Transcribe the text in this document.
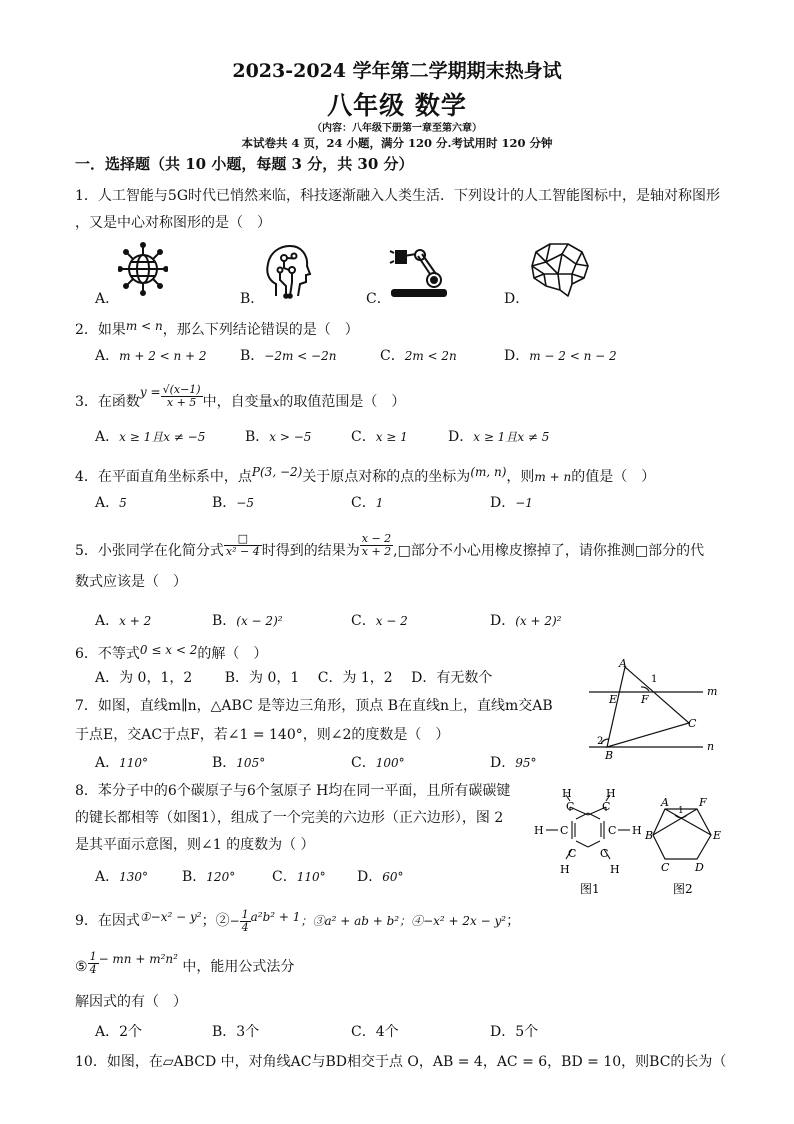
2023-2024 学年第二学期期末热身试
八年级 数学
（内容：八年级下册第一章至第六章）
本试卷共 4 页，24 小题，满分 120 分.考试用时 120 分钟
一．选择题（共 10 小题，每题 3 分，共 30 分）
1．人工智能与5G时代已悄然来临，科技逐渐融入人类生活．下列设计的人工智能图标中，是轴对称图形
，又是中心对称图形的是（　）
A．	B．	C．	D．
2．如果m < n，那么下列结论错误的是（　）
A．m + 2 < n + 2 B．−2m < −2n	C．2m < 2n	D．m − 2 < n − 2
3．在函数$y = \frac{√(x-1)}{x + 5}$ 中，自变量x的取值范围是（　）
A．x ≥ 1且x ≠ −5	B．x > −5	C．x ≥ 1	D．x ≥ 1且x ≠ 5
4．在平面直角坐标系中，点P(3, −2)关于原点对称的点的坐标为(m, n)，则m + n的值是（　）
A．5	B．−5	C．1	D．−1
5．小张同学在化简分式 $\frac{□}{\text{x² − 4}}$ 时得到的结果为 $\frac{x - 2}{x + 2}$ ,□部分不小心用橡皮擦掉了，请你推测□部分的代
数式应该是（　）
A．x + 2	B．(x − 2)²	C．x − 2	D．(x + 2)²
6．不等式0 ≤ x < 2的解（　）
A．为 0，1，2　　 B．为 0，1　 C．为 1，2　 D．有无数个
7．如图，直线m∥n，△ABC 是等边三角形，顶点 B在直线n上，直线m交AB
于点E，交AC于点F，若∠1 = 140°，则∠2的度数是（　）
A．110°	B．105°	C．100°	D．95°
A
B
C
E F
1
2
m
n
8．苯分子中的6个碳原子与6个氢原子 H均在同一平面，且所有碳碳键
的键长都相等（如图1），组成了一个完美的六边形（正六边形），图 2
是其平面示意图，则∠1 的度数为（ ）
A．130° B．120°	C．110° D．60°
H	H
C	C
H C	C H
C C
H	H
图1
A	F
B	E
C D
1
图2
9．在因式①−x² − y²；②− $\frac{1}{4} a^2b^2 + 1$；③a² + ab + b²；④−x² + 2x − y²；
⑤ $\frac{1}{4}$ − mn + m²n² 中，能用公式法分
解因式的有（　）
A．2个	B．3个	C．4个	D．5个
10．如图，在▱ABCD 中，对角线AC与BD相交于点 O，AB = 4，AC = 6，BD = 10，则BC的长为（
